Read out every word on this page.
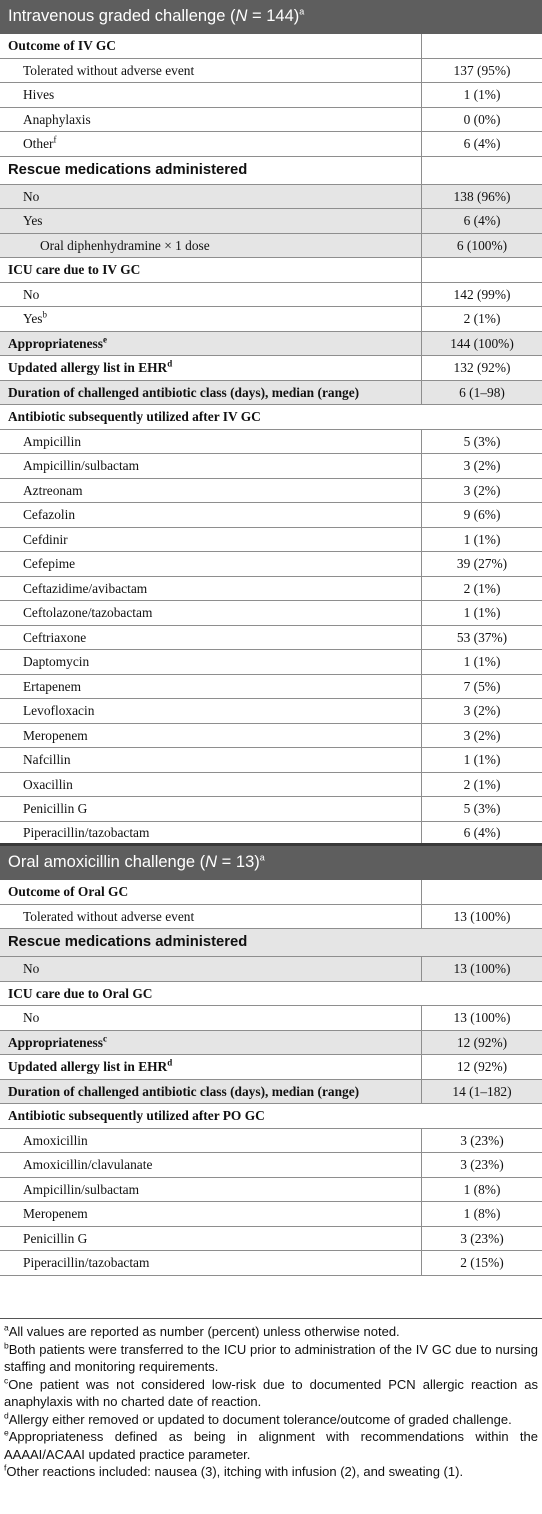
Intravenous graded challenge (N = 144)$^a$
Outcome of IV GC
Tolerated without adverse event	137 (95%)
Hives	1 (1%)
Anaphylaxis	0 (0%)
Other$^f$	6 (4%)
Rescue medications administered
No	138 (96%)
Yes	6 (4%)
Oral diphenhydramine × 1 dose	6 (100%)
ICU care due to IV GC
No	142 (99%)
Yes$^b$	2 (1%)
Appropriateness$^e$	144 (100%)
Updated allergy list in EHR$^d$	132 (92%)
Duration of challenged antibiotic class (days), median (range)	6 (1–98)
Antibiotic subsequently utilized after IV GC
Ampicillin	5 (3%)
Ampicillin/sulbactam	3 (2%)
Aztreonam	3 (2%)
Cefazolin	9 (6%)
Cefdinir	1 (1%)
Cefepime	39 (27%)
Ceftazidime/avibactam	2 (1%)
Ceftolazone/tazobactam	1 (1%)
Ceftriaxone	53 (37%)
Daptomycin	1 (1%)
Ertapenem	7 (5%)
Levofloxacin	3 (2%)
Meropenem	3 (2%)
Nafcillin	1 (1%)
Oxacillin	2 (1%)
Penicillin G	5 (3%)
Piperacillin/tazobactam	6 (4%)
Oral amoxicillin challenge (N = 13)$^a$
Outcome of Oral GC
Tolerated without adverse event	13 (100%)
Rescue medications administered
No	13 (100%)
ICU care due to Oral GC
No	13 (100%)
Appropriateness$^c$	12 (92%)
Updated allergy list in EHR$^d$	12 (92%)
Duration of challenged antibiotic class (days), median (range)	14 (1–182)
Antibiotic subsequently utilized after PO GC
Amoxicillin	3 (23%)
Amoxicillin/clavulanate	3 (23%)
Ampicillin/sulbactam	1 (8%)
Meropenem	1 (8%)
Penicillin G	3 (23%)
Piperacillin/tazobactam	2 (15%)
$^a$All values are reported as number (percent) unless otherwise noted.
$^b$Both patients were transferred to the ICU prior to administration of the IV GC due to nursing staffing and monitoring requirements.
$^c$One patient was not considered low-risk due to documented PCN allergic reaction as anaphylaxis with no charted date of reaction.
$^d$Allergy either removed or updated to document tolerance/outcome of graded challenge.
$^e$Appropriateness defined as being in alignment with recommendations within the AAAAI/ACAAI updated practice parameter.
$^f$Other reactions included: nausea (3), itching with infusion (2), and sweating (1).
